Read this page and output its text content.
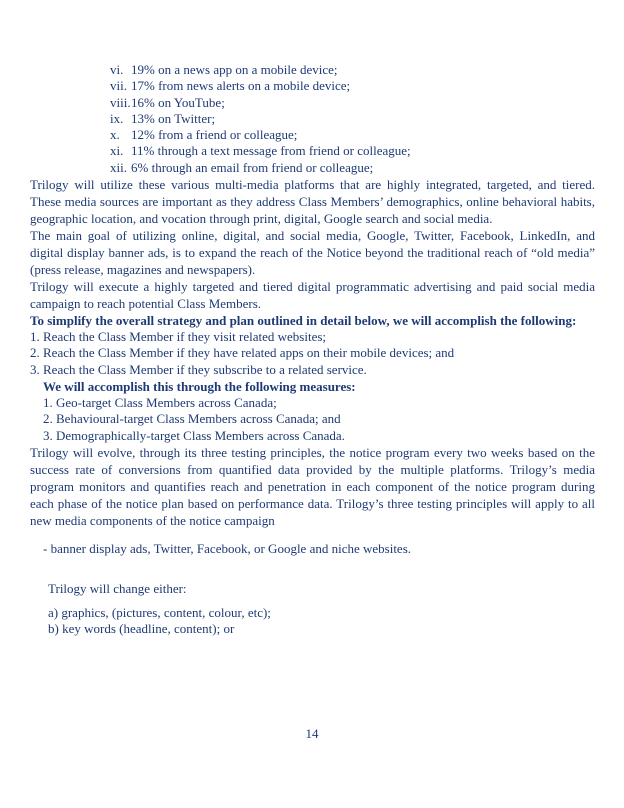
vi. 19% on a news app on a mobile device;
vii. 17% from news alerts on a mobile device;
viii. 16% on YouTube;
ix. 13% on Twitter;
x. 12% from a friend or colleague;
xi. 11% through a text message from friend or colleague;
xii. 6% through an email from friend or colleague;

Trilogy will utilize these various multi-media platforms that are highly integrated, targeted, and tiered. These media sources are important as they address Class Members’ demographics, online behavioral habits, geographic location, and vocation through print, digital, Google search and social media.

The main goal of utilizing online, digital, and social media, Google, Twitter, Facebook, LinkedIn, and digital display banner ads, is to expand the reach of the Notice beyond the traditional reach of “old media” (press release, magazines and newspapers).

Trilogy will execute a highly targeted and tiered digital programmatic advertising and paid social media campaign to reach potential Class Members.

To simplify the overall strategy and plan outlined in detail below, we will accomplish the following:

1. Reach the Class Member if they visit related websites;
2. Reach the Class Member if they have related apps on their mobile devices; and
3. Reach the Class Member if they subscribe to a related service.

We will accomplish this through the following measures:

1. Geo-target Class Members across Canada;
2. Behavioural-target Class Members across Canada; and
3. Demographically-target Class Members across Canada.

Trilogy will evolve, through its three testing principles, the notice program every two weeks based on the success rate of conversions from quantified data provided by the multiple platforms. Trilogy’s media program monitors and quantifies reach and penetration in each component of the notice program during each phase of the notice plan based on performance data. Trilogy’s three testing principles will apply to all new media components of the notice campaign

- banner display ads, Twitter, Facebook, or Google and niche websites.
Trilogy will change either:
a) graphics, (pictures, content, colour, etc);
b) key words (headline, content); or
14
